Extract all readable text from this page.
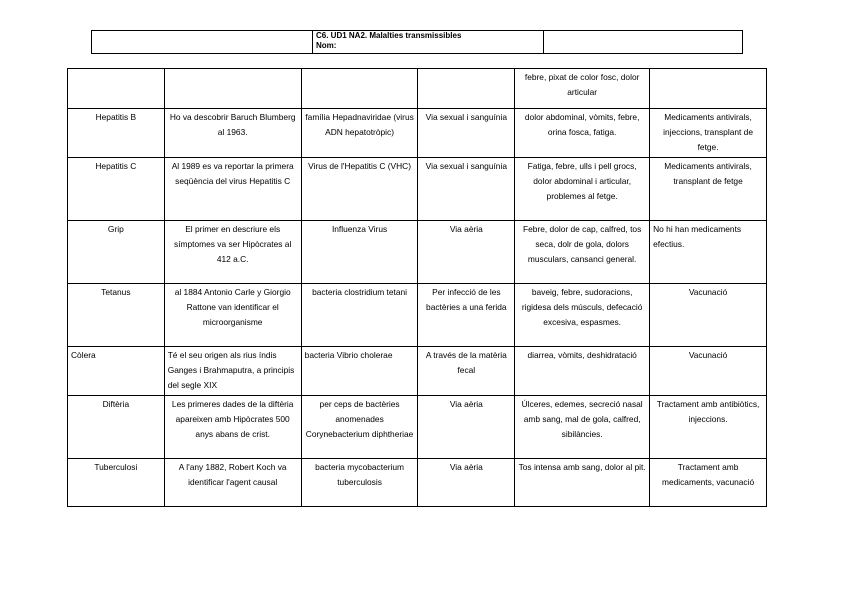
C6. UD1 NA2. Malalties transmissibles
Nom:

				febre, pixat de color fosc, dolor articular	
Hepatitis B	Ho va descobrir Baruch Blumberg al 1963.	família Hepadnaviridae (virus ADN hepatotròpic)	Via sexual i sanguínia	dolor abdominal, vòmits, febre, orina fosca, fatiga.	Medicaments antivirals, injeccions, transplant de fetge.
Hepatitis C	Al 1989 es va reportar la primera seqüència del virus Hepatitis C	Virus de l'Hepatitis C (VHC)	Via sexual i sanguínia	Fatiga, febre, ulls i pell grocs, dolor abdominal i articular, problemes al fetge.	Medicaments antivirals, transplant de fetge
Grip	El primer en descriure els símptomes va ser Hipòcrates al 412 a.C.	Influenza Virus	Via aèria	Febre, dolor de cap, calfred, tos seca, dolr de gola, dolors musculars, cansanci general.	No hi han medicaments efectius.
Tetanus	al 1884 Antonio Carle y Giorgio Rattone van identificar el microorganisme	bacteria clostridium tetani	Per infecció de les bactèries a una ferida	baveig, febre, sudoracions, rigidesa dels músculs, defecació excesiva, espasmes.	Vacunació
Còlera	Té el seu origen als rius índis Ganges i Brahmaputra, a principis del segle XIX	bacteria Vibrio cholerae	A través de la matèria fecal	diarrea, vòmits, deshidratació	Vacunació
Diftèria	Les primeres dades de la diftèria apareixen amb Hipòcrates 500 anys abans de crist.	per ceps de bactèries anomenades Corynebacterium diphtheriae	Via aèria	Úlceres, edemes, secreció nasal amb sang, mal de gola, calfred, sibilàncies.	Tractament amb antibiòtics, injeccions.
Tuberculosi	A l'any 1882, Robert Koch va identificar l'agent causal	bacteria mycobacterium tuberculosis	Via aèria	Tos intensa amb sang, dolor al pit.	Tractament amb medicaments, vacunació
